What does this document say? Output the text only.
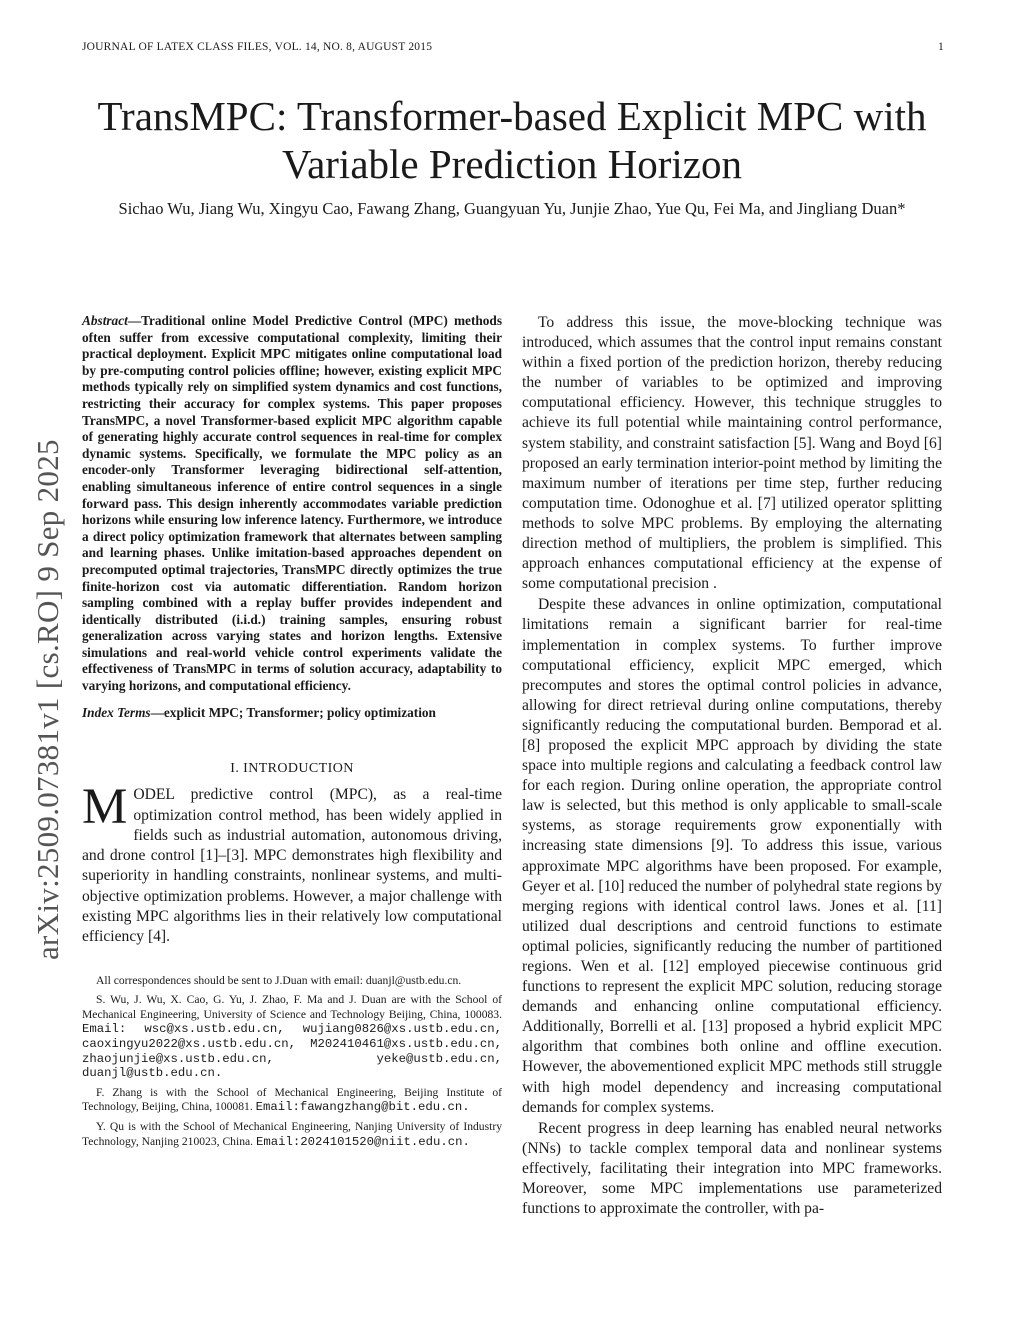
JOURNAL OF LATEX CLASS FILES, VOL. 14, NO. 8, AUGUST 2015	1
TransMPC: Transformer-based Explicit MPC with Variable Prediction Horizon
Sichao Wu, Jiang Wu, Xingyu Cao, Fawang Zhang, Guangyuan Yu, Junjie Zhao, Yue Qu, Fei Ma, and Jingliang Duan*
arXiv:2509.07381v1 [cs.RO] 9 Sep 2025
Abstract—Traditional online Model Predictive Control (MPC) methods often suffer from excessive computational complexity, limiting their practical deployment. Explicit MPC mitigates online computational load by pre-computing control policies offline; however, existing explicit MPC methods typically rely on simplified system dynamics and cost functions, restricting their accuracy for complex systems. This paper proposes TransMPC, a novel Transformer-based explicit MPC algorithm capable of generating highly accurate control sequences in real-time for complex dynamic systems. Specifically, we formulate the MPC policy as an encoder-only Transformer leveraging bidirectional self-attention, enabling simultaneous inference of entire control sequences in a single forward pass. This design inherently accommodates variable prediction horizons while ensuring low inference latency. Furthermore, we introduce a direct policy optimization framework that alternates between sampling and learning phases. Unlike imitation-based approaches dependent on precomputed optimal trajectories, TransMPC directly optimizes the true finite-horizon cost via automatic differentiation. Random horizon sampling combined with a replay buffer provides independent and identically distributed (i.i.d.) training samples, ensuring robust generalization across varying states and horizon lengths. Extensive simulations and real-world vehicle control experiments validate the effectiveness of TransMPC in terms of solution accuracy, adaptability to varying horizons, and computational efficiency.
Index Terms—explicit MPC; Transformer; policy optimization
I. INTRODUCTION
MODEL predictive control (MPC), as a real-time optimization control method, has been widely applied in fields such as industrial automation, autonomous driving, and drone control [1]–[3]. MPC demonstrates high flexibility and superiority in handling constraints, nonlinear systems, and multi-objective optimization problems. However, a major challenge with existing MPC algorithms lies in their relatively low computational efficiency [4].

All correspondences should be sent to J.Duan with email: duanjl@ustb.edu.cn.

S. Wu, J. Wu, X. Cao, G. Yu, J. Zhao, F. Ma and J. Duan are with the School of Mechanical Engineering, University of Science and Technology Beijing, China, 100083. Email: wsc@xs.ustb.edu.cn, wujiang0826@xs.ustb.edu.cn, caoxingyu2022@xs.ustb.edu.cn, M202410461@xs.ustb.edu.cn, zhaojunjie@xs.ustb.edu.cn, yeke@ustb.edu.cn, duanjl@ustb.edu.cn.

F. Zhang is with the School of Mechanical Engineering, Beijing Institute of Technology, Beijing, China, 100081. Email:fawangzhang@bit.edu.cn.

Y. Qu is with the School of Mechanical Engineering, Nanjing University of Industry Technology, Nanjing 210023, China. Email:2024101520@niit.edu.cn.

To address this issue, the move-blocking technique was introduced, which assumes that the control input remains constant within a fixed portion of the prediction horizon, thereby reducing the number of variables to be optimized and improving computational efficiency. However, this technique struggles to achieve its full potential while maintaining control performance, system stability, and constraint satisfaction [5]. Wang and Boyd [6] proposed an early termination interior-point method by limiting the maximum number of iterations per time step, further reducing computation time. Odonoghue et al. [7] utilized operator splitting methods to solve MPC problems. By employing the alternating direction method of multipliers, the problem is simplified. This approach enhances computational efficiency at the expense of some computational precision .

Despite these advances in online optimization, computational limitations remain a significant barrier for real-time implementation in complex systems. To further improve computational efficiency, explicit MPC emerged, which precomputes and stores the optimal control policies in advance, allowing for direct retrieval during online computations, thereby significantly reducing the computational burden. Bemporad et al. [8] proposed the explicit MPC approach by dividing the state space into multiple regions and calculating a feedback control law for each region. During online operation, the appropriate control law is selected, but this method is only applicable to small-scale systems, as storage requirements grow exponentially with increasing state dimensions [9]. To address this issue, various approximate MPC algorithms have been proposed. For example, Geyer et al. [10] reduced the number of polyhedral state regions by merging regions with identical control laws. Jones et al. [11] utilized dual descriptions and centroid functions to estimate optimal policies, significantly reducing the number of partitioned regions. Wen et al. [12] employed piecewise continuous grid functions to represent the explicit MPC solution, reducing storage demands and enhancing online computational efficiency. Additionally, Borrelli et al. [13] proposed a hybrid explicit MPC algorithm that combines both online and offline execution. However, the abovementioned explicit MPC methods still struggle with high model dependency and increasing computational demands for complex systems.

Recent progress in deep learning has enabled neural networks (NNs) to tackle complex temporal data and nonlinear systems effectively, facilitating their integration into MPC frameworks. Moreover, some MPC implementations use parameterized functions to approximate the controller, with pa-
